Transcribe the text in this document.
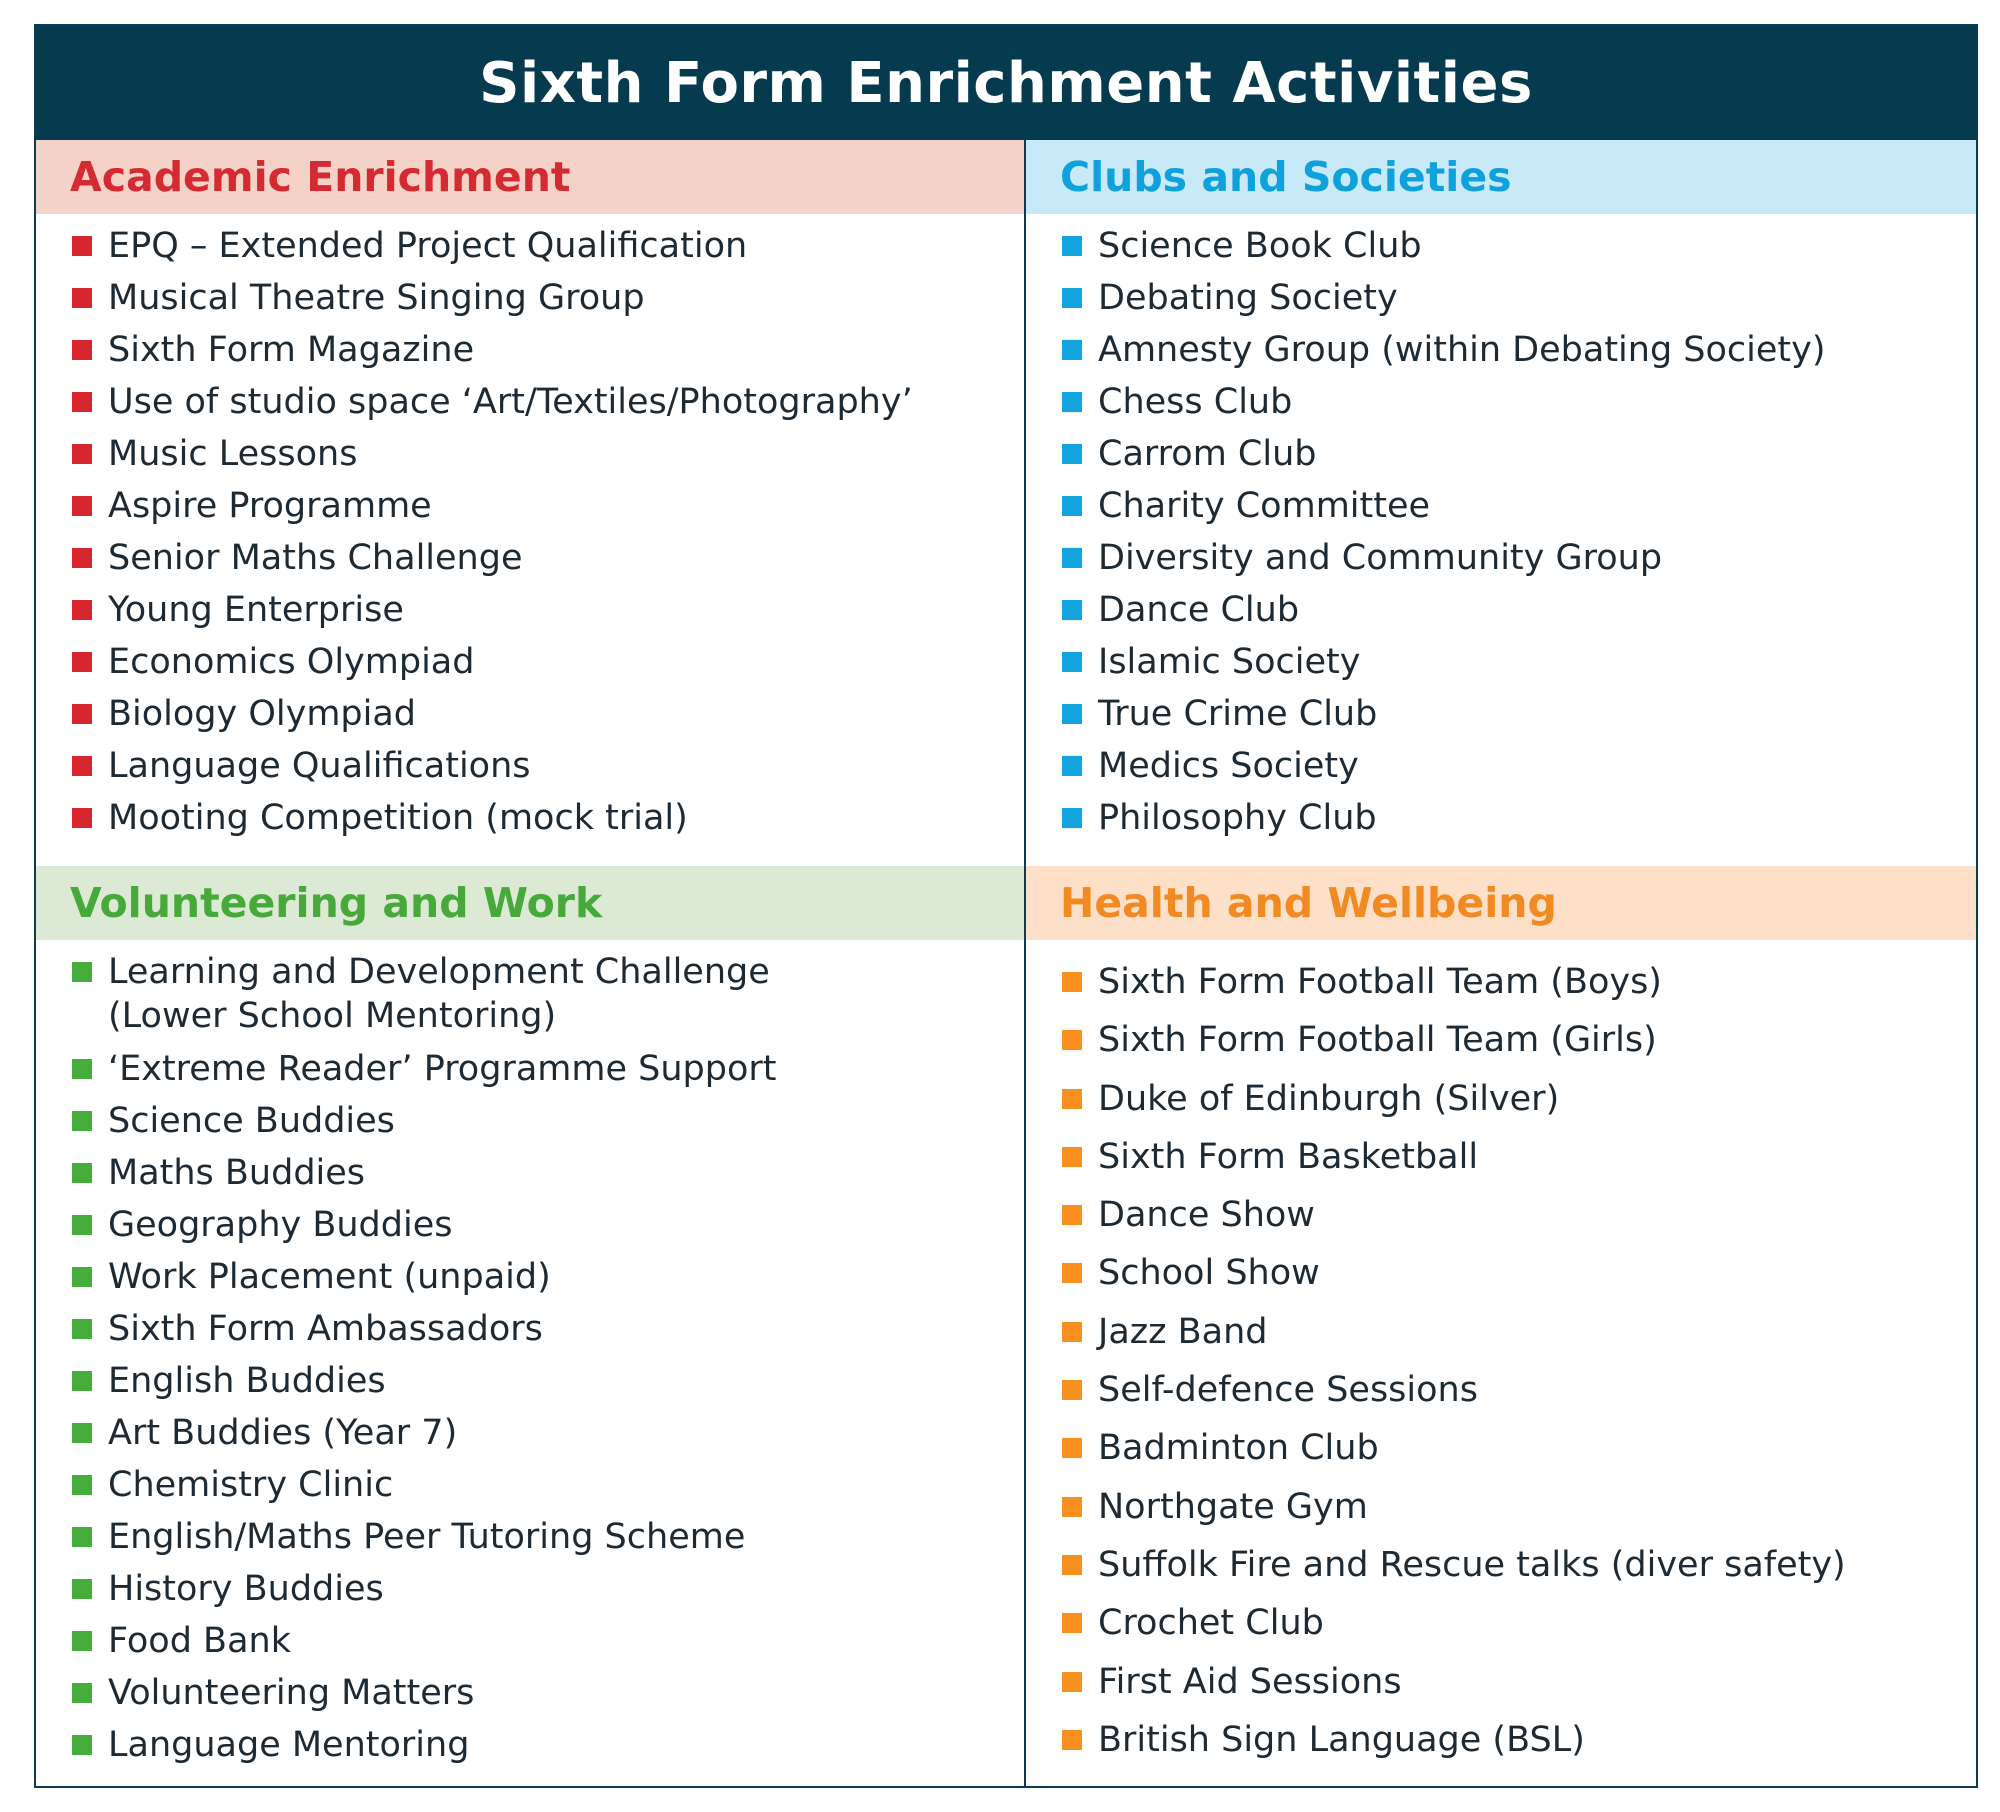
Sixth Form Enrichment Activities
Academic Enrichment
EPQ – Extended Project Qualification
Musical Theatre Singing Group
Sixth Form Magazine
Use of studio space ‘Art/Textiles/Photography’
Music Lessons
Aspire Programme
Senior Maths Challenge
Young Enterprise
Economics Olympiad
Biology Olympiad
Language Qualifications
Mooting Competition (mock trial)
Clubs and Societies
Science Book Club
Debating Society
Amnesty Group (within Debating Society)
Chess Club
Carrom Club
Charity Committee
Diversity and Community Group
Dance Club
Islamic Society
True Crime Club
Medics Society
Philosophy Club
Volunteering and Work
Learning and Development Challenge (Lower School Mentoring)
‘Extreme Reader’ Programme Support
Science Buddies
Maths Buddies
Geography Buddies
Work Placement (unpaid)
Sixth Form Ambassadors
English Buddies
Art Buddies (Year 7)
Chemistry Clinic
English/Maths Peer Tutoring Scheme
History Buddies
Food Bank
Volunteering Matters
Language Mentoring
Health and Wellbeing
Sixth Form Football Team (Boys)
Sixth Form Football Team (Girls)
Duke of Edinburgh (Silver)
Sixth Form Basketball
Dance Show
School Show
Jazz Band
Self-defence Sessions
Badminton Club
Northgate Gym
Suffolk Fire and Rescue talks (diver safety)
Crochet Club
First Aid Sessions
British Sign Language (BSL)
